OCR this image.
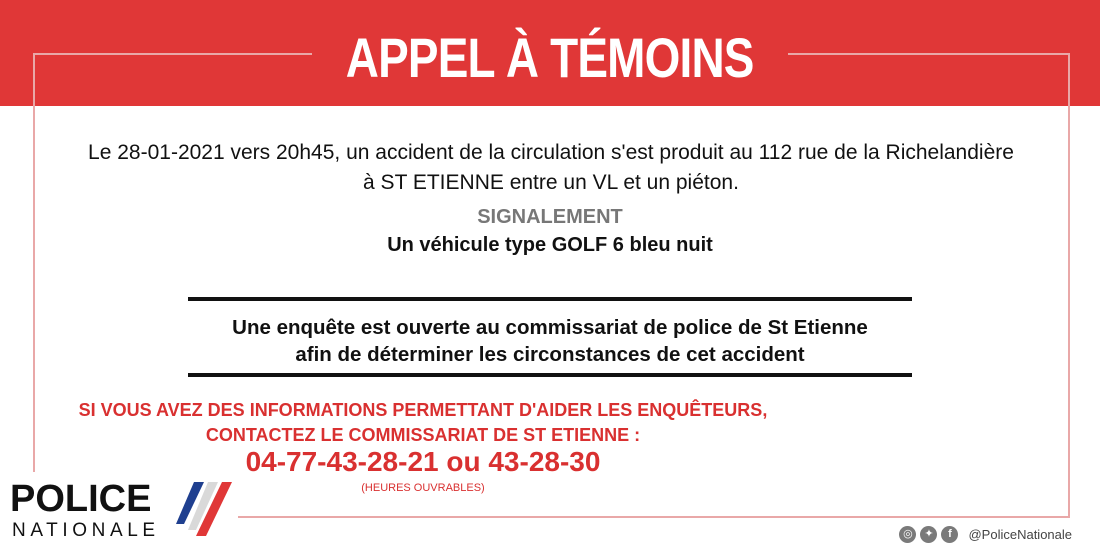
APPEL À TÉMOINS
Le 28-01-2021 vers 20h45, un accident de la circulation s'est produit au 112 rue de la Richelandière
à ST ETIENNE entre un VL et un piéton.
SIGNALEMENT
Un véhicule type GOLF 6 bleu nuit
Une enquête est ouverte au commissariat de police de St Etienne
afin de déterminer les circonstances de cet accident
SI VOUS AVEZ DES INFORMATIONS PERMETTANT D'AIDER LES ENQUÊTEURS,
CONTACTEZ LE COMMISSARIAT DE ST ETIENNE :
04-77-43-28-21 ou 43-28-30
(HEURES OUVRABLES)
POLICE
NATIONALE	◎	✦	f	@PoliceNationale
